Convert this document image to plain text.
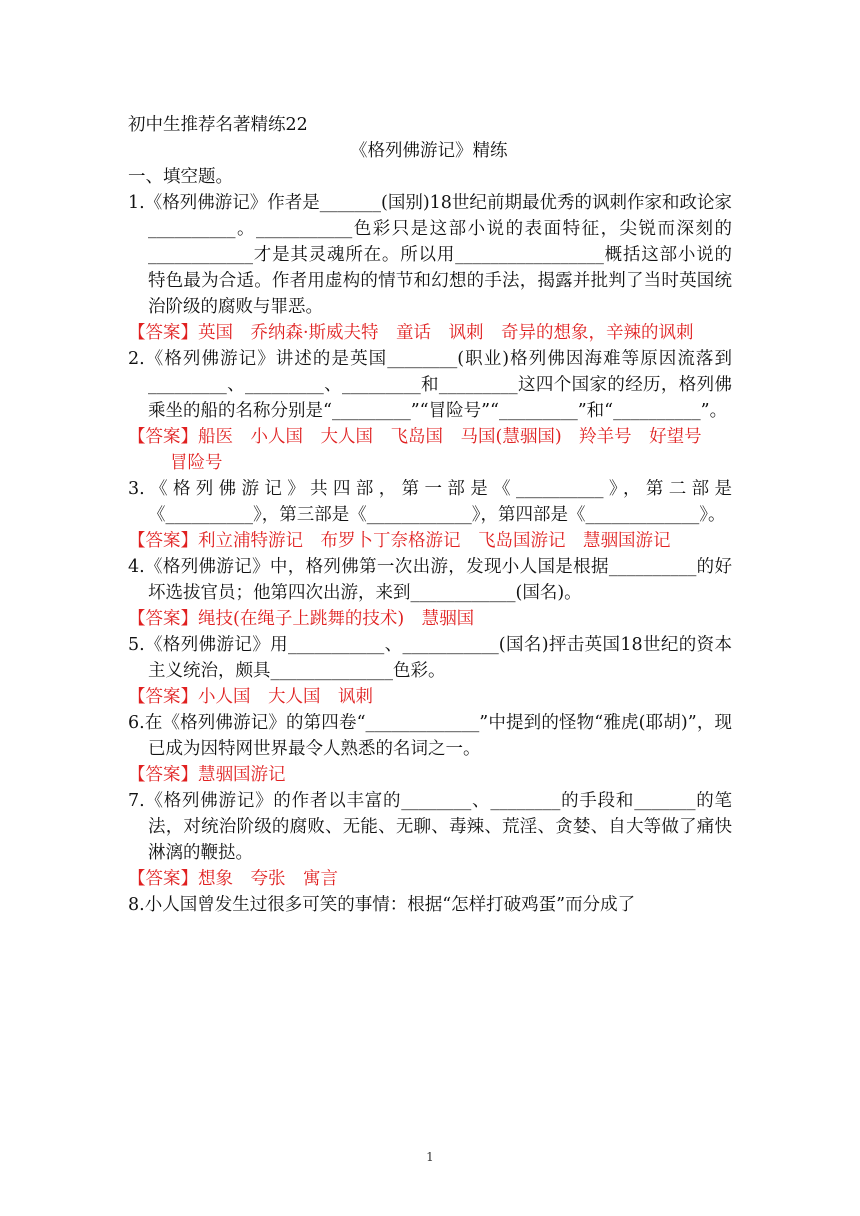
初中生推荐名著精练22
《格列佛游记》精练
一、填空题。

1.《格列佛游记》作者是_______(国别)18世纪前期最优秀的讽刺作家和政论家__________。___________色彩只是这部小说的表面特征，尖锐而深刻的____________才是其灵魂所在。所以用_________________概括这部小说的特色最为合适。作者用虚构的情节和幻想的手法，揭露并批判了当时英国统治阶级的腐败与罪恶。

【答案】英国　乔纳森·斯威夫特　童话　讽刺　奇异的想象，辛辣的讽刺

2.《格列佛游记》讲述的是英国________(职业)格列佛因海难等原因流落到_________、_________、_________和_________这四个国家的经历，格列佛乘坐的船的名称分别是“_________”“冒险号”“_________”和“__________”。

【答案】船医　小人国　大人国　飞岛国　马国(慧骃国)　羚羊号　好望号　冒险号

3.《格列佛游记》共四部，第一部是《__________》，第二部是《__________》，第三部是《____________》，第四部是《_____________》。

【答案】利立浦特游记　布罗卜丁奈格游记　飞岛国游记　慧骃国游记

4.《格列佛游记》中，格列佛第一次出游，发现小人国是根据__________的好坏选拔官员；他第四次出游，来到____________(国名)。

【答案】绳技(在绳子上跳舞的技术)　慧骃国

5.《格列佛游记》用___________、___________(国名)抨击英国18世纪的资本主义统治，颇具______________色彩。

【答案】小人国　大人国　讽刺

6.在《格列佛游记》的第四卷“_____________”中提到的怪物“雅虎(耶胡)”，现已成为因特网世界最令人熟悉的名词之一。

【答案】慧骃国游记

7.《格列佛游记》的作者以丰富的________、________的手段和_______的笔法，对统治阶级的腐败、无能、无聊、毒辣、荒淫、贪婪、自大等做了痛快淋漓的鞭挞。

【答案】想象　夸张　寓言

8.小人国曾发生过很多可笑的事情：根据“怎样打破鸡蛋”而分成了

1
